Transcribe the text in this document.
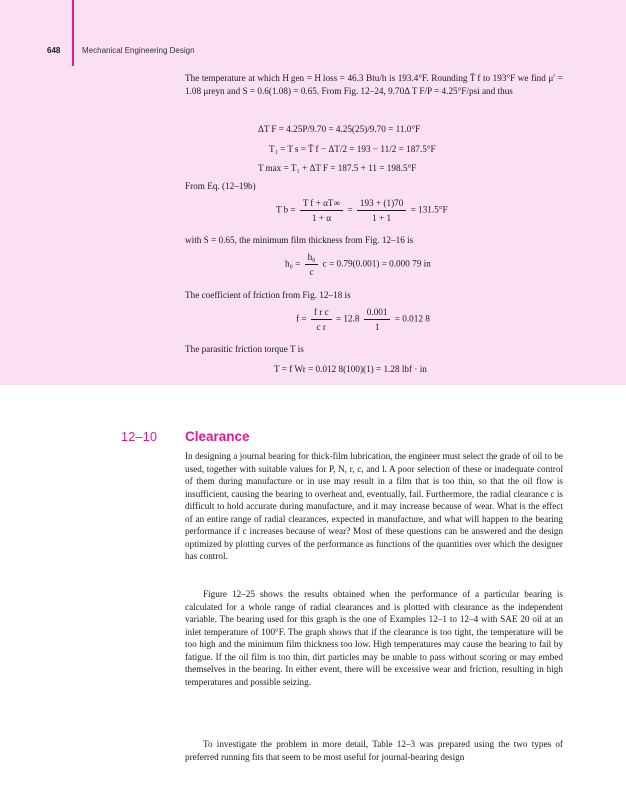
648	Mechanical Engineering Design
The temperature at which H gen = H loss = 46.3 Btu/h is 193.4°F. Rounding T̄ f to 193°F we find μ′ = 1.08 μreyn and S = 0.6(1.08) = 0.65. From Fig. 12–24, 9.70Δ T F/P = 4.25°F/psi and thus
ΔT F = 4.25P/9.70 = 4.25(25)/9.70 = 11.0°F
T₁ = T s = T̄ f − ΔT/2 = 193 − 11/2 = 187.5°F
T max = T₁ + ΔT F = 187.5 + 11 = 198.5°F
From Eq. (12–19b)
T $b = \frac{\text{T f + αT∞}}{1 + \alpha} = \frac{193 + (1)70}{1 + 1} = 131.5^\circ F$
with S = 0.65, the minimum film thickness from Fig. 12–16 is
$h_0 = \frac{\text{h₀}}{c}$ c = 0.79(0.001) = 0.000 79 in
The coefficient of friction from Fig. 12–18 is
$f = \frac{\text{f r c}}{\text{c r}} = 12.8 \frac{0.001}{1} = 0.012$ 8
The parasitic friction torque T is
T = f Wr = 0.012 8(100)(1) = 1.28 lbf · in
12–10 Clearance
In designing a journal bearing for thick-film lubrication, the engineer must select the grade of oil to be used, together with suitable values for P, N, r, c, and l. A poor selection of these or inadequate control of them during manufacture or in use may result in a film that is too thin, so that the oil flow is insufficient, causing the bearing to overheat and, eventually, fail. Furthermore, the radial clearance c is difficult to hold accurate during manufacture, and it may increase because of wear. What is the effect of an entire range of radial clearances, expected in manufacture, and what will happen to the bearing performance if c increases because of wear? Most of these questions can be answered and the design optimized by plotting curves of the performance as functions of the quantities over which the designer has control.
Figure 12–25 shows the results obtained when the performance of a particular bearing is calculated for a whole range of radial clearances and is plotted with clearance as the independent variable. The bearing used for this graph is the one of Examples 12–1 to 12–4 with SAE 20 oil at an inlet temperature of 100°F. The graph shows that if the clearance is too tight, the temperature will be too high and the minimum film thickness too low. High temperatures may cause the bearing to fail by fatigue. If the oil film is too thin, dirt particles may be unable to pass without scoring or may embed themselves in the bearing. In either event, there will be excessive wear and friction, resulting in high temperatures and possible seizing.
To investigate the problem in more detail, Table 12–3 was prepared using the two types of preferred running fits that seem to be most useful for journal-bearing design
